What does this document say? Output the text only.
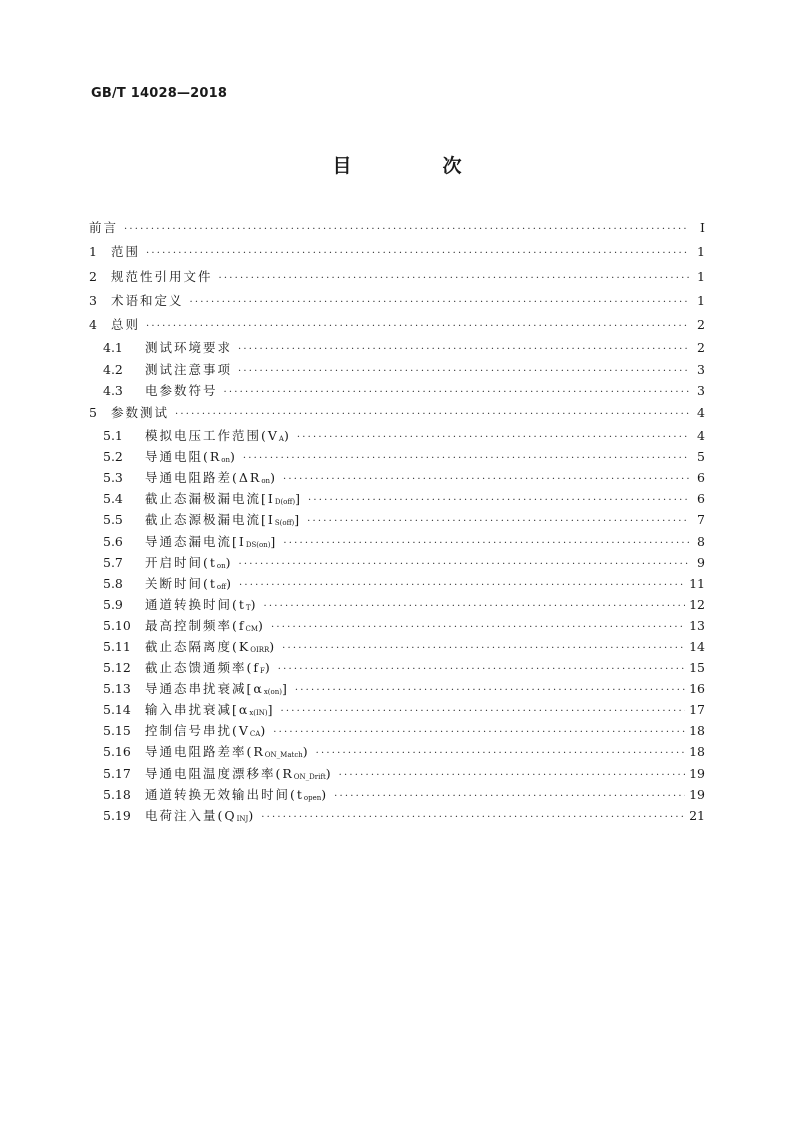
GB/T 14028—2018
目　次
前言 ·····	Ⅰ
1	范围 ·····	1
2	规范性引用文件 ·····	1
3	术语和定义 ·····	1
4	总则 ·····	2
4.1	测试环境要求 ·····	2
4.2	测试注意事项 ·····	3
4.3	电参数符号 ·····	3
5	参数测试 ·····	4
5.1	模拟电压工作范围$(V_A)$ ·····	4
5.2	导通电阻$(R_{on})$ ·····	5
5.3	导通电阻路差$(\Delta R_{on})$ ·····	6
5.4	截止态漏极漏电流$[I_{D(off)}]$ ·····	6
5.5	截止态源极漏电流$[I_{S(off)}]$ ·····	7
5.6	导通态漏电流$[I_{DS(on)}]$ ·····	8
5.7	开启时间$(t_{on})$ ·····	9
5.8	关断时间$(t_{off})$ ·····	11
5.9	通道转换时间$(t_T)$ ·····	12
5.10	最高控制频率$(f_{CM})$ ·····	13
5.11	截止态隔离度$(K_{OIRR})$ ·····	14
5.12	截止态馈通频率$(f_F)$ ·····	15
5.13	导通态串扰衰减$[\alpha_{x(on)}]$ ·····	16
5.14	输入串扰衰减$[\alpha_{x(IN)}]$ ·····	17
5.15	控制信号串扰$(V_{CA})$ ·····	18
5.16	导通电阻路差率$(R_{ON\_Match})$ ·····	18
5.17	导通电阻温度漂移率$(R_{ON\_Drift})$ ·····	19
5.18	通道转换无效输出时间$(t_{open})$ ·····	19
5.19	电荷注入量$(Q_{INJ})$ ·····	21
